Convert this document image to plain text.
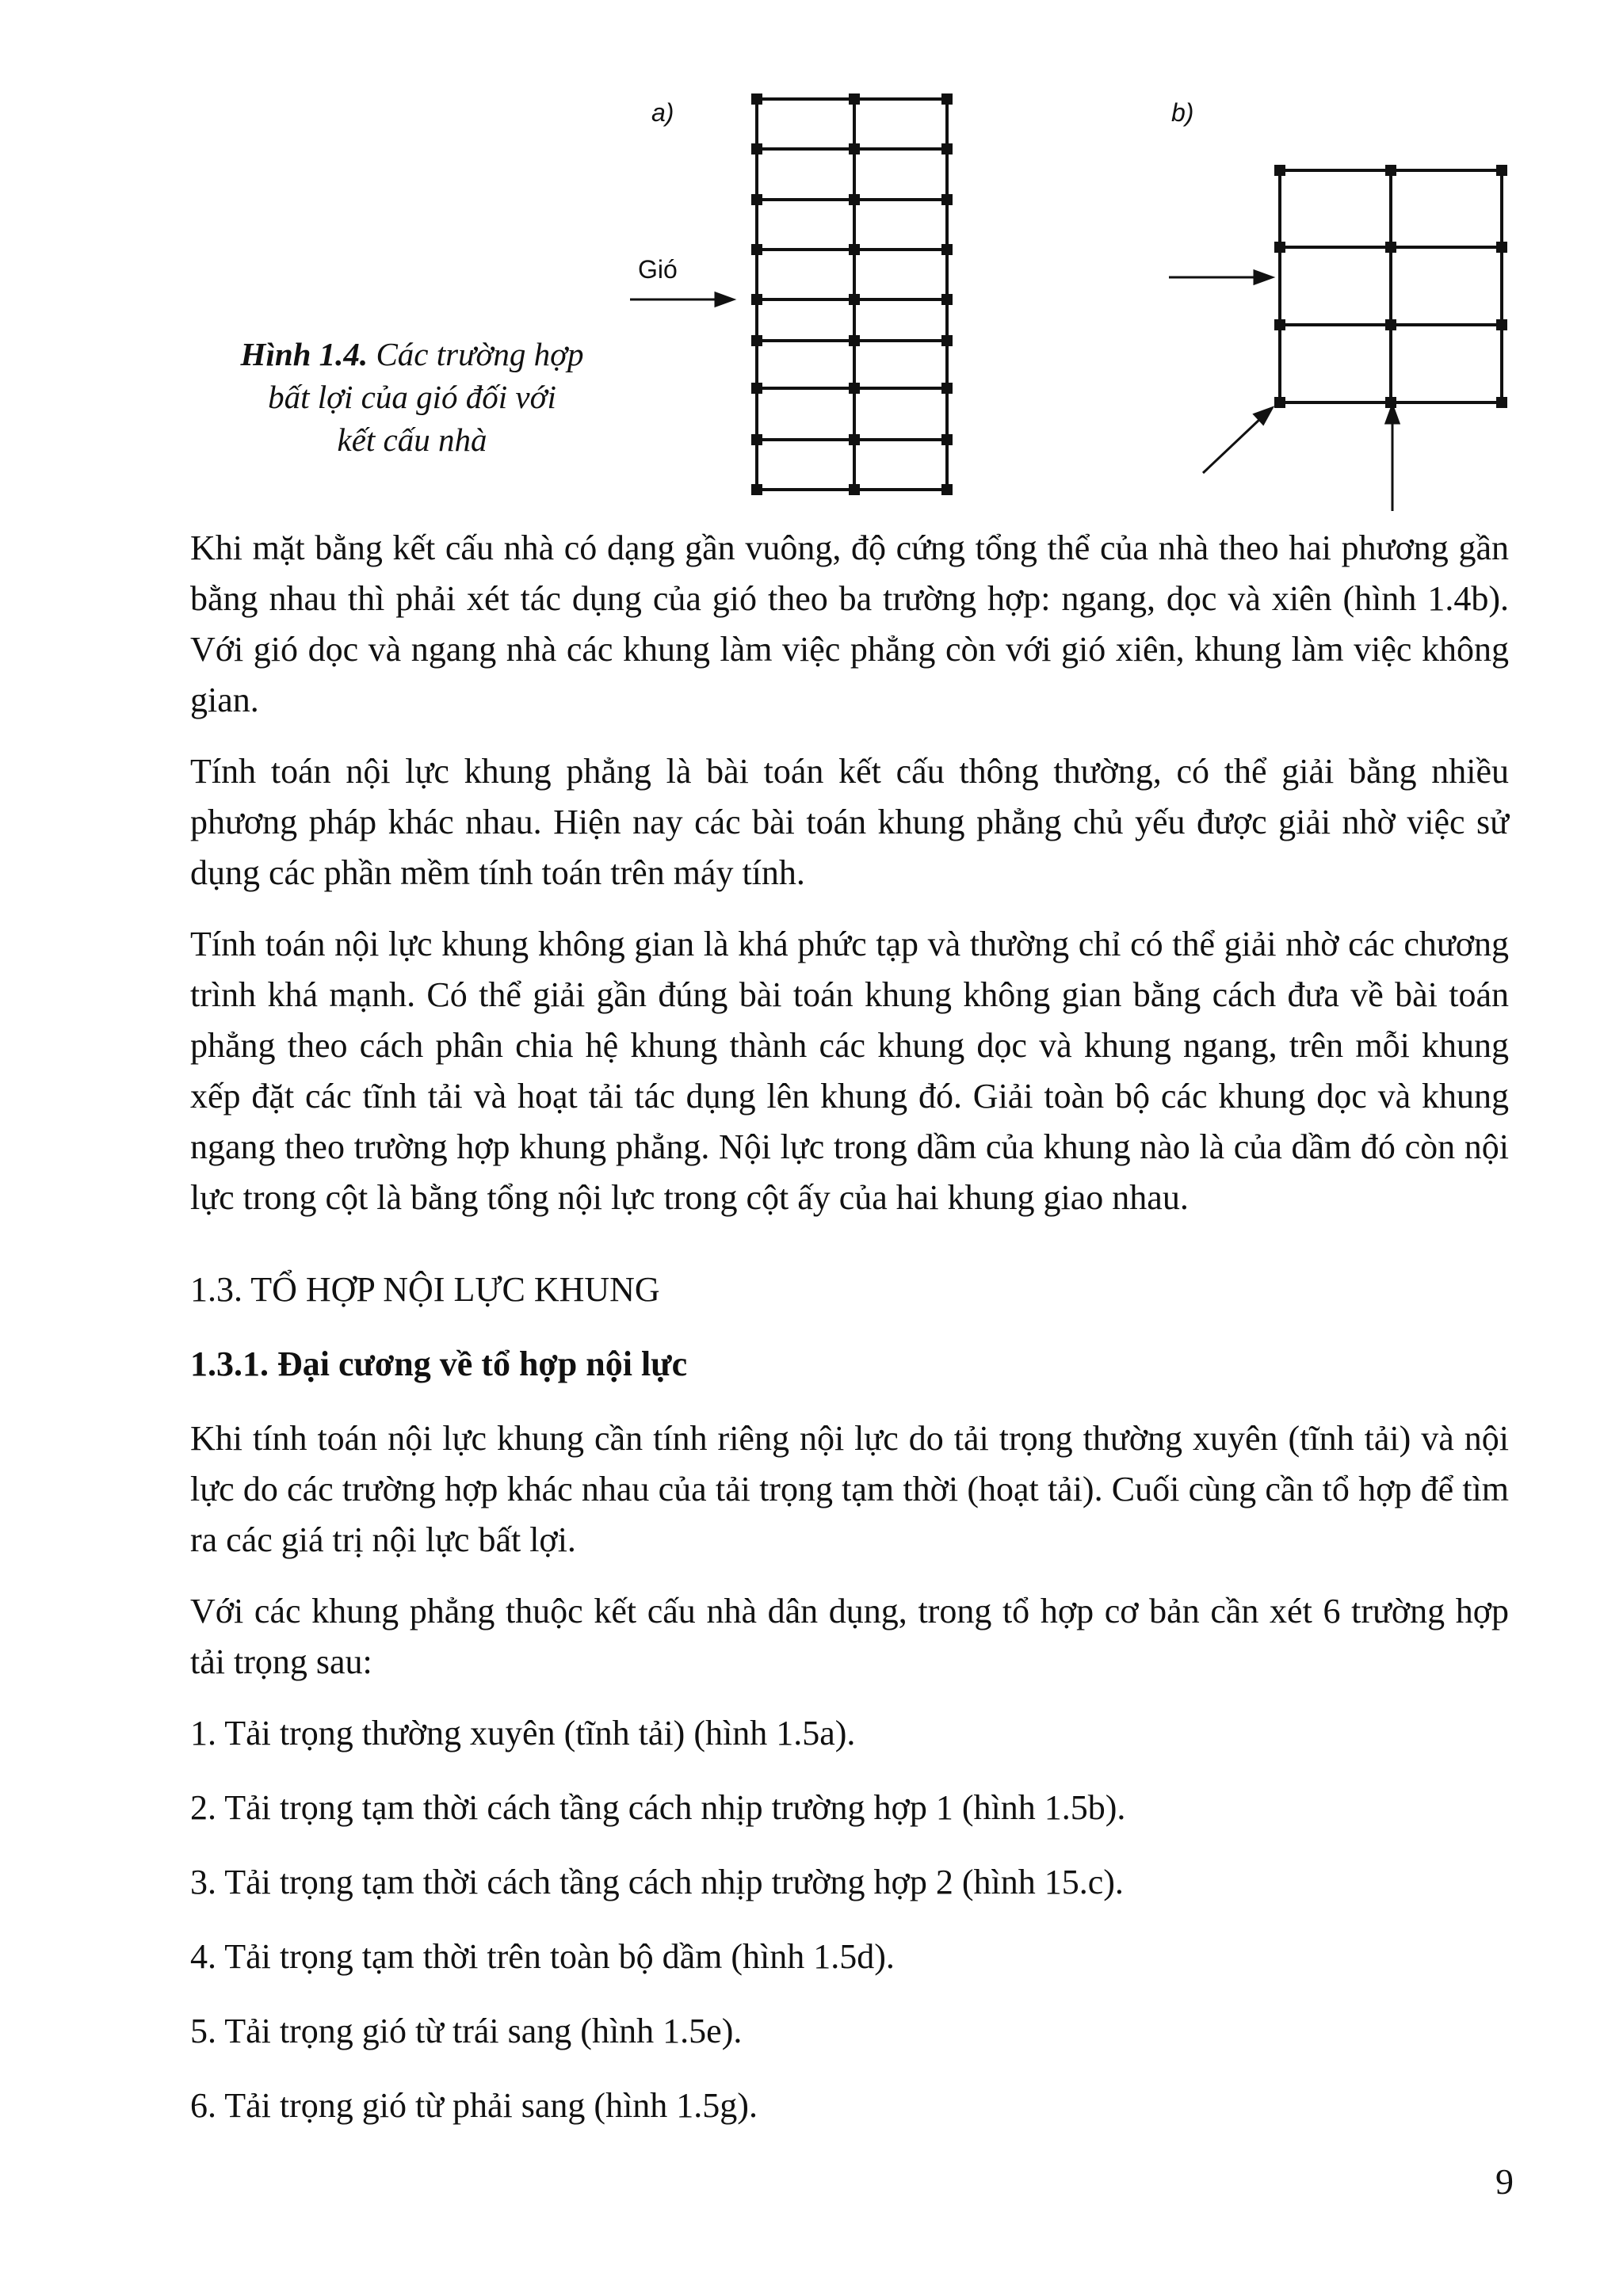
a)	b)
Gió
Hình 1.4. Các trường hợp
bất lợi của gió đối với
kết cấu nhà

Khi mặt bằng kết cấu nhà có dạng gần vuông, độ cứng tổng thể của nhà theo hai phương gần bằng nhau thì phải xét tác dụng của gió theo ba trường hợp: ngang, dọc và xiên (hình 1.4b). Với gió dọc và ngang nhà các khung làm việc phẳng còn với gió xiên, khung làm việc không gian.

Tính toán nội lực khung phẳng là bài toán kết cấu thông thường, có thể giải bằng nhiều phương pháp khác nhau. Hiện nay các bài toán khung phẳng chủ yếu được giải nhờ việc sử dụng các phần mềm tính toán trên máy tính.

Tính toán nội lực khung không gian là khá phức tạp và thường chỉ có thể giải nhờ các chương trình khá mạnh. Có thể giải gần đúng bài toán khung không gian bằng cách đưa về bài toán phẳng theo cách phân chia hệ khung thành các khung dọc và khung ngang, trên mỗi khung xếp đặt các tĩnh tải và hoạt tải tác dụng lên khung đó. Giải toàn bộ các khung dọc và khung ngang theo trường hợp khung phẳng. Nội lực trong dầm của khung nào là của dầm đó còn nội lực trong cột là bằng tổng nội lực trong cột ấy của hai khung giao nhau.

1.3. TỔ HỢP NỘI LỰC KHUNG
1.3.1. Đại cương về tổ hợp nội lực

Khi tính toán nội lực khung cần tính riêng nội lực do tải trọng thường xuyên (tĩnh tải) và nội lực do các trường hợp khác nhau của tải trọng tạm thời (hoạt tải). Cuối cùng cần tổ hợp để tìm ra các giá trị nội lực bất lợi.

Với các khung phẳng thuộc kết cấu nhà dân dụng, trong tổ hợp cơ bản cần xét 6 trường hợp tải trọng sau:

1. Tải trọng thường xuyên (tĩnh tải) (hình 1.5a).
2. Tải trọng tạm thời cách tầng cách nhịp trường hợp 1 (hình 1.5b).
3. Tải trọng tạm thời cách tầng cách nhịp trường hợp 2 (hình 15.c).
4. Tải trọng tạm thời trên toàn bộ dầm (hình 1.5d).
5. Tải trọng gió từ trái sang (hình 1.5e).
6. Tải trọng gió từ phải sang (hình 1.5g).
9
